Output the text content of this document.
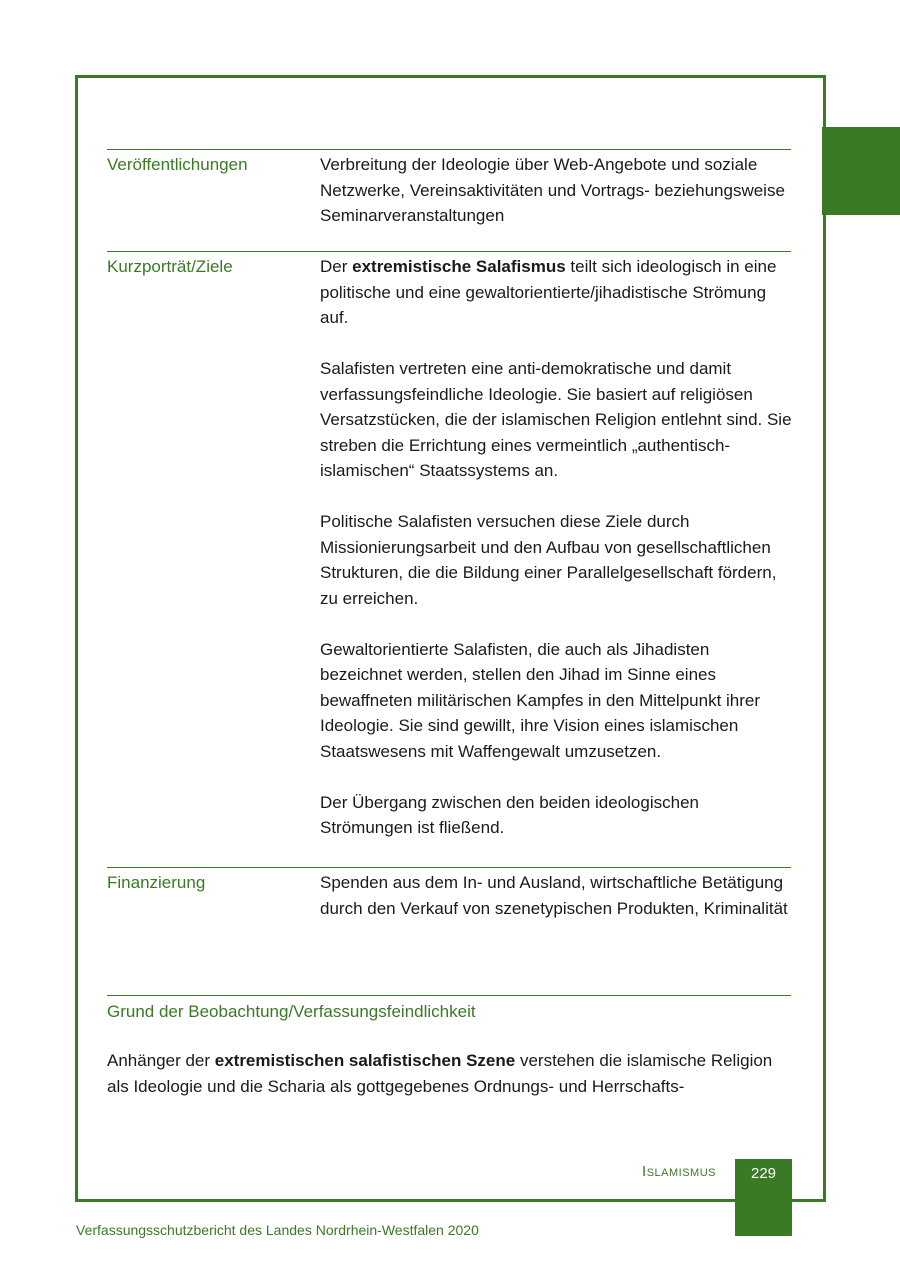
Veröffentlichungen	Verbreitung der Ideologie über Web-Angebote und soziale Netzwerke, Vereinsaktivitäten und Vortrags- beziehungsweise Seminarveranstaltungen

Kurzporträt/Ziele	Der extremistische Salafismus teilt sich ideologisch in eine politische und eine gewaltorientierte/jihadistische Strömung auf.

Salafisten vertreten eine anti-demokratische und damit verfassungsfeindliche Ideologie. Sie basiert auf religiösen Versatzstücken, die der islamischen Religion entlehnt sind. Sie streben die Errichtung eines vermeintlich „authentisch-islamischen“ Staatssystems an.

Politische Salafisten versuchen diese Ziele durch Missionierungsarbeit und den Aufbau von gesellschaftlichen Strukturen, die die Bildung einer Parallelgesellschaft fördern, zu erreichen.

Gewaltorientierte Salafisten, die auch als Jihadisten bezeichnet werden, stellen den Jihad im Sinne eines bewaffneten militärischen Kampfes in den Mittelpunkt ihrer Ideologie. Sie sind gewillt, ihre Vision eines islamischen Staatswesens mit Waffengewalt umzusetzen.

Der Übergang zwischen den beiden ideologischen Strömungen ist fließend.

Finanzierung	Spenden aus dem In- und Ausland, wirtschaftliche Betätigung durch den Verkauf von szenetypischen Produkten, Kriminalität

Grund der Beobachtung/Verfassungsfeindlichkeit

Anhänger der extremistischen salafistischen Szene verstehen die islamische Religion als Ideologie und die Scharia als gottgegebenes Ordnungs- und Herrschafts-

Islamismus	229
Verfassungsschutzbericht des Landes Nordrhein-Westfalen 2020
